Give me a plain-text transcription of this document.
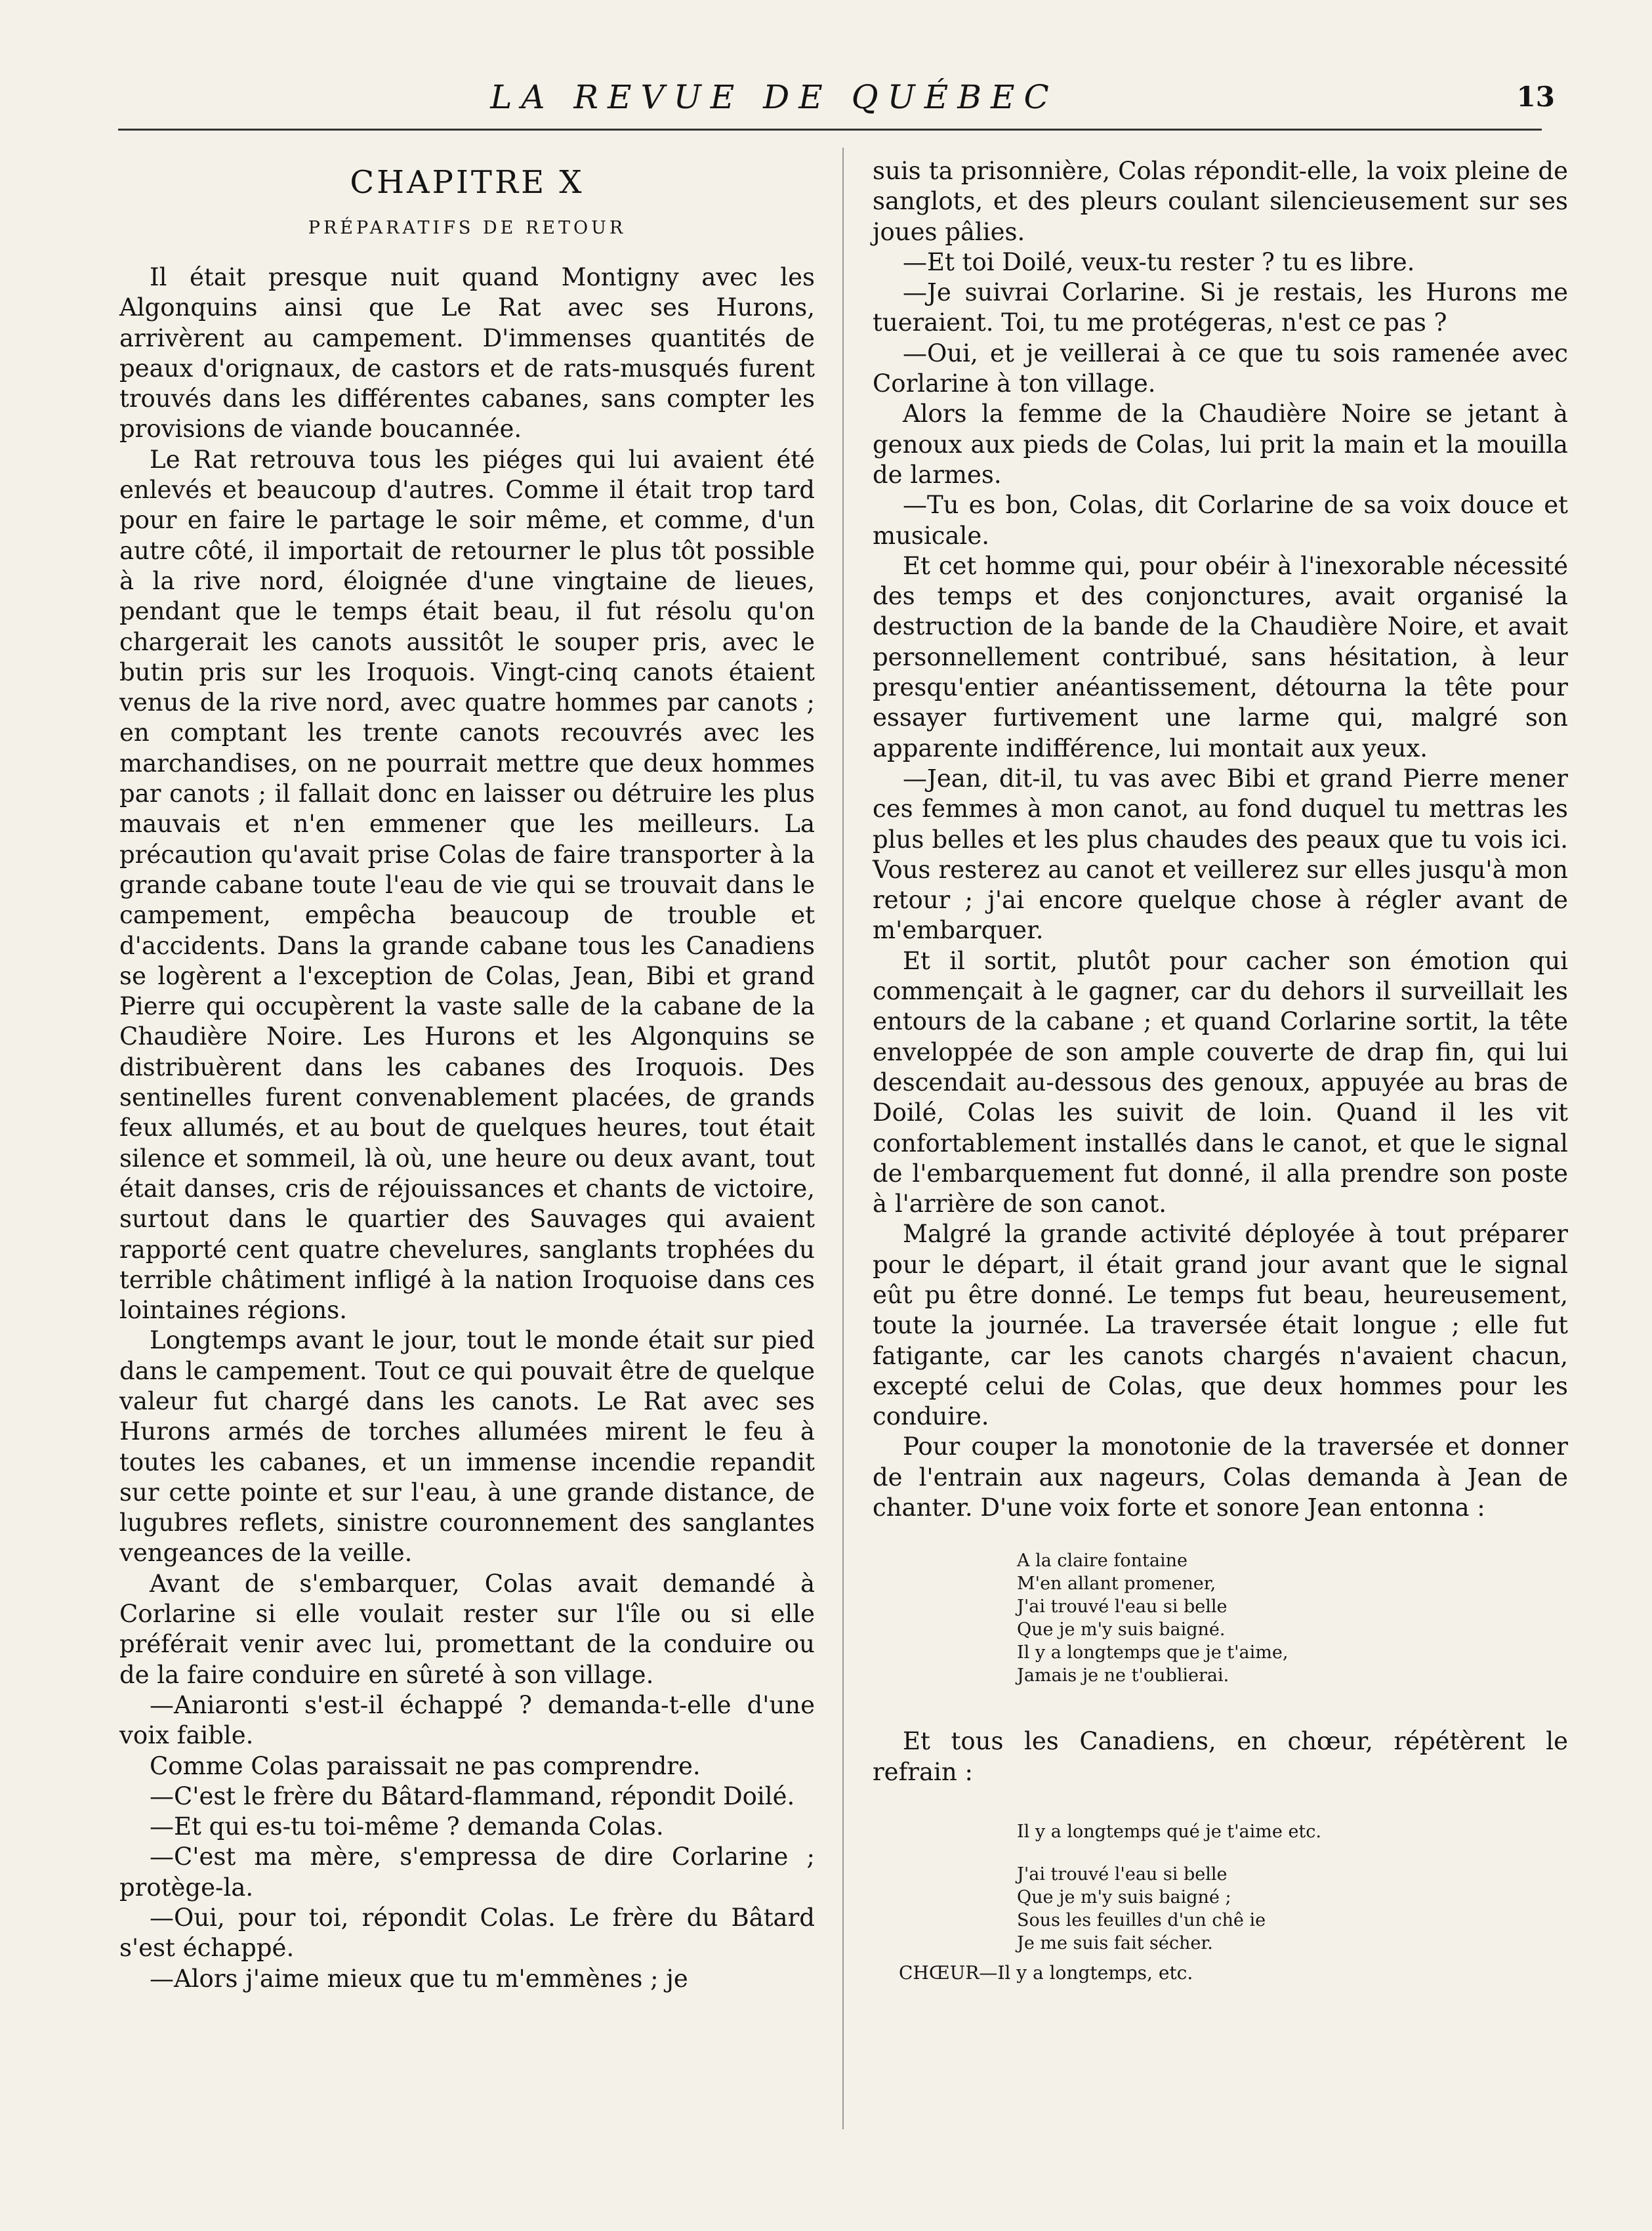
LA REVUE DE QUÉBEC	13
CHAPITRE X
PRÉPARATIFS DE RETOUR

Il était presque nuit quand Montigny avec les Algonquins ainsi que Le Rat avec ses Hurons, arrivèrent au campement. D'immenses quantités de peaux d'orignaux, de castors et de rats-musqués furent trouvés dans les différentes cabanes, sans compter les provisions de viande boucannée.

Le Rat retrouva tous les piéges qui lui avaient été enlevés et beaucoup d'autres. Comme il était trop tard pour en faire le partage le soir même, et comme, d'un autre côté, il importait de retourner le plus tôt possible à la rive nord, éloignée d'une vingtaine de lieues, pendant que le temps était beau, il fut résolu qu'on chargerait les canots aussitôt le souper pris, avec le butin pris sur les Iroquois. Vingt-cinq canots étaient venus de la rive nord, avec quatre hommes par canots ; en comptant les trente canots recouvrés avec les marchandises, on ne pourrait mettre que deux hommes par canots ; il fallait donc en laisser ou détruire les plus mauvais et n'en emmener que les meilleurs. La précaution qu'avait prise Colas de faire transporter à la grande cabane toute l'eau de vie qui se trouvait dans le campement, empêcha beaucoup de trouble et d'accidents. Dans la grande cabane tous les Canadiens se logèrent a l'exception de Colas, Jean, Bibi et grand Pierre qui occupèrent la vaste salle de la cabane de la Chaudière Noire. Les Hurons et les Algonquins se distribuèrent dans les cabanes des Iroquois. Des sentinelles furent convenablement placées, de grands feux allumés, et au bout de quelques heures, tout était silence et sommeil, là où, une heure ou deux avant, tout était danses, cris de réjouissances et chants de victoire, surtout dans le quartier des Sauvages qui avaient rapporté cent quatre chevelures, sanglants trophées du terrible châtiment infligé à la nation Iroquoise dans ces lointaines régions.

Longtemps avant le jour, tout le monde était sur pied dans le campement. Tout ce qui pouvait être de quelque valeur fut chargé dans les canots. Le Rat avec ses Hurons armés de torches allumées mirent le feu à toutes les cabanes, et un immense incendie repandit sur cette pointe et sur l'eau, à une grande distance, de lugubres reflets, sinistre couronnement des sanglantes vengeances de la veille.

Avant de s'embarquer, Colas avait demandé à Corlarine si elle voulait rester sur l'île ou si elle préférait venir avec lui, promettant de la conduire ou de la faire conduire en sûreté à son village.

—Aniaronti s'est-il échappé ? demanda-t-elle d'une voix faible.

Comme Colas paraissait ne pas comprendre.

—C'est le frère du Bâtard-flammand, répondit Doilé.

—Et qui es-tu toi-même ? demanda Colas.

—C'est ma mère, s'empressa de dire Corlarine ; protège-la.

—Oui, pour toi, répondit Colas. Le frère du Bâtard s'est échappé.

—Alors j'aime mieux que tu m'emmènes ; je

suis ta prisonnière, Colas répondit-elle, la voix pleine de sanglots, et des pleurs coulant silencieusement sur ses joues pâlies.

—Et toi Doilé, veux-tu rester ? tu es libre.

—Je suivrai Corlarine. Si je restais, les Hurons me tueraient. Toi, tu me protégeras, n'est ce pas ?

—Oui, et je veillerai à ce que tu sois ramenée avec Corlarine à ton village.

Alors la femme de la Chaudière Noire se jetant à genoux aux pieds de Colas, lui prit la main et la mouilla de larmes.

—Tu es bon, Colas, dit Corlarine de sa voix douce et musicale.

Et cet homme qui, pour obéir à l'inexorable nécessité des temps et des conjonctures, avait organisé la destruction de la bande de la Chaudière Noire, et avait personnellement contribué, sans hésitation, à leur presqu'entier anéantissement, détourna la tête pour essayer furtivement une larme qui, malgré son apparente indifférence, lui montait aux yeux.

—Jean, dit-il, tu vas avec Bibi et grand Pierre mener ces femmes à mon canot, au fond duquel tu mettras les plus belles et les plus chaudes des peaux que tu vois ici. Vous resterez au canot et veillerez sur elles jusqu'à mon retour ; j'ai encore quelque chose à régler avant de m'embarquer.

Et il sortit, plutôt pour cacher son émotion qui commençait à le gagner, car du dehors il surveillait les entours de la cabane ; et quand Corlarine sortit, la tête enveloppée de son ample couverte de drap fin, qui lui descendait au-dessous des genoux, appuyée au bras de Doilé, Colas les suivit de loin. Quand il les vit confortablement installés dans le canot, et que le signal de l'embarquement fut donné, il alla prendre son poste à l'arrière de son canot.

Malgré la grande activité déployée à tout préparer pour le départ, il était grand jour avant que le signal eût pu être donné. Le temps fut beau, heureusement, toute la journée. La traversée était longue ; elle fut fatigante, car les canots chargés n'avaient chacun, excepté celui de Colas, que deux hommes pour les conduire.

Pour couper la monotonie de la traversée et donner de l'entrain aux nageurs, Colas demanda à Jean de chanter. D'une voix forte et sonore Jean entonna :

A la claire fontaine
M'en allant promener,
J'ai trouvé l'eau si belle
Que je m'y suis baigné.
Il y a longtemps que je t'aime,
Jamais je ne t'oublierai.

Et tous les Canadiens, en chœur, répétèrent le refrain :

Il y a longtemps qué je t'aime etc.
J'ai trouvé l'eau si belle
Que je m'y suis baigné ;
Sous les feuilles d'un chê ie
Je me suis fait sécher.
CHŒUR—Il y a longtemps, etc.
